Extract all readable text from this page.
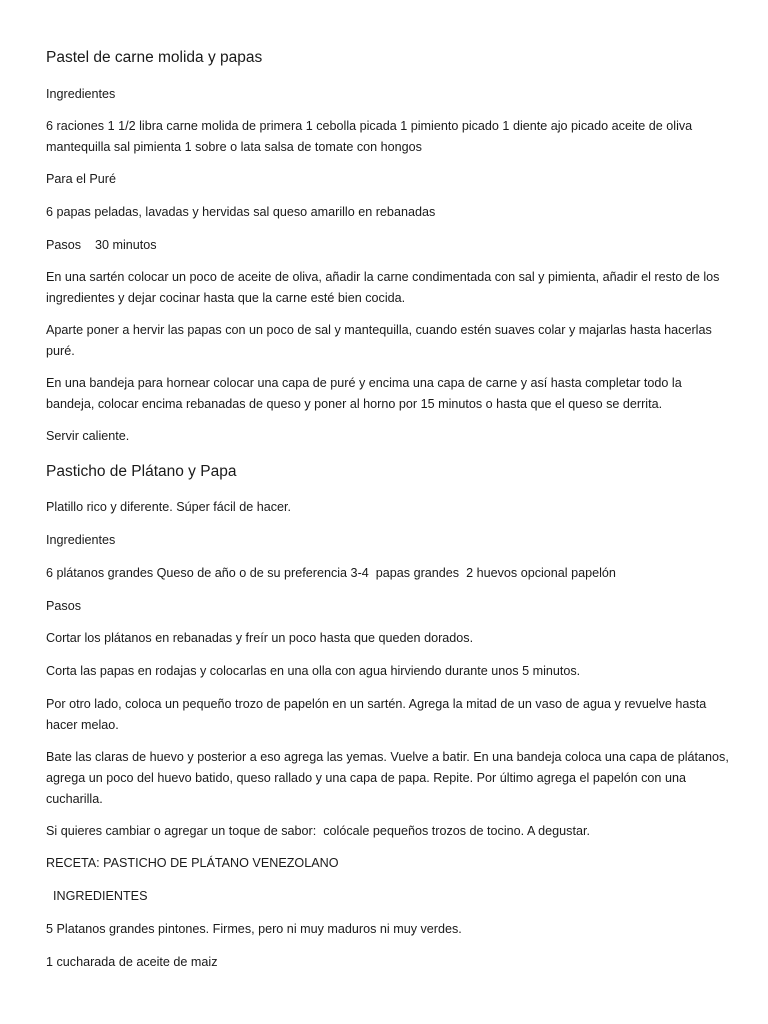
Pastel de carne molida y papas
Ingredientes
6 raciones 1 1/2 libra carne molida de primera 1 cebolla picada 1 pimiento picado 1 diente ajo picado aceite de oliva
mantequilla sal pimienta 1 sobre o lata salsa de tomate con hongos
Para el Puré
6 papas peladas, lavadas y hervidas sal queso amarillo en rebanadas
Pasos    30 minutos
En una sartén colocar un poco de aceite de oliva, añadir la carne condimentada con sal y pimienta, añadir el resto de los
ingredientes y dejar cocinar hasta que la carne esté bien cocida.
Aparte poner a hervir las papas con un poco de sal y mantequilla, cuando estén suaves colar y majarlas hasta hacerlas
puré.
En una bandeja para hornear colocar una capa de puré y encima una capa de carne y así hasta completar todo la
bandeja, colocar encima rebanadas de queso y poner al horno por 15 minutos o hasta que el queso se derrita.
Servir caliente.
Pasticho de Plátano y Papa
Platillo rico y diferente. Súper fácil de hacer.
Ingredientes
6 plátanos grandes Queso de año o de su preferencia 3-4  papas grandes  2 huevos opcional papelón
Pasos
Cortar los plátanos en rebanadas y freír un poco hasta que queden dorados.
Corta las papas en rodajas y colocarlas en una olla con agua hirviendo durante unos 5 minutos.
Por otro lado, coloca un pequeño trozo de papelón en un sartén. Agrega la mitad de un vaso de agua y revuelve hasta
hacer melao.
Bate las claras de huevo y posterior a eso agrega las yemas. Vuelve a batir. En una bandeja coloca una capa de plátanos,
agrega un poco del huevo batido, queso rallado y una capa de papa. Repite. Por último agrega el papelón con una
cucharilla.
Si quieres cambiar o agregar un toque de sabor:  colócale pequeños trozos de tocino. A degustar.
RECETA: PASTICHO DE PLÁTANO VENEZOLANO
INGREDIENTES
5 Platanos grandes pintones. Firmes, pero ni muy maduros ni muy verdes.
1 cucharada de aceite de maiz
